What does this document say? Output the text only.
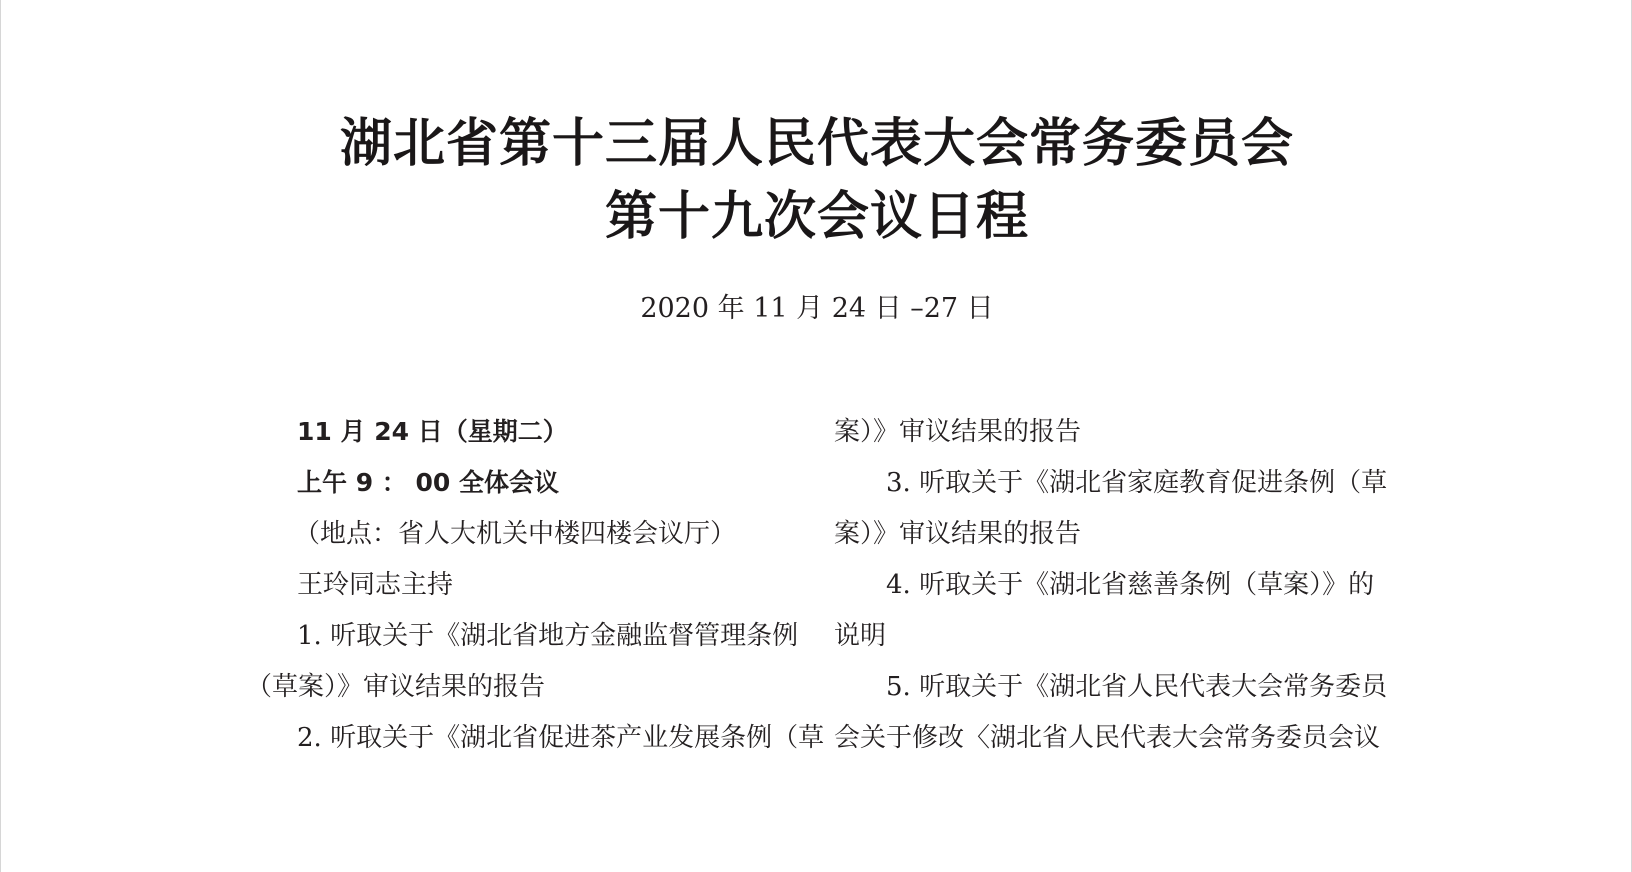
湖北省第十三届人民代表大会常务委员会
第十九次会议日程
2020 年 11 月 24 日 –27 日
11 月 24 日（星期二）
上午 9 ： 00 全体会议
（地点：省人大机关中楼四楼会议厅）
王玲同志主持
1. 听取关于《湖北省地方金融监督管理条例
（草案）》审议结果的报告
2. 听取关于《湖北省促进茶产业发展条例（草
案）》审议结果的报告
3. 听取关于《湖北省家庭教育促进条例（草
案）》审议结果的报告
4. 听取关于《湖北省慈善条例（草案）》的
说明
5. 听取关于《湖北省人民代表大会常务委员
会关于修改〈湖北省人民代表大会常务委员会议
